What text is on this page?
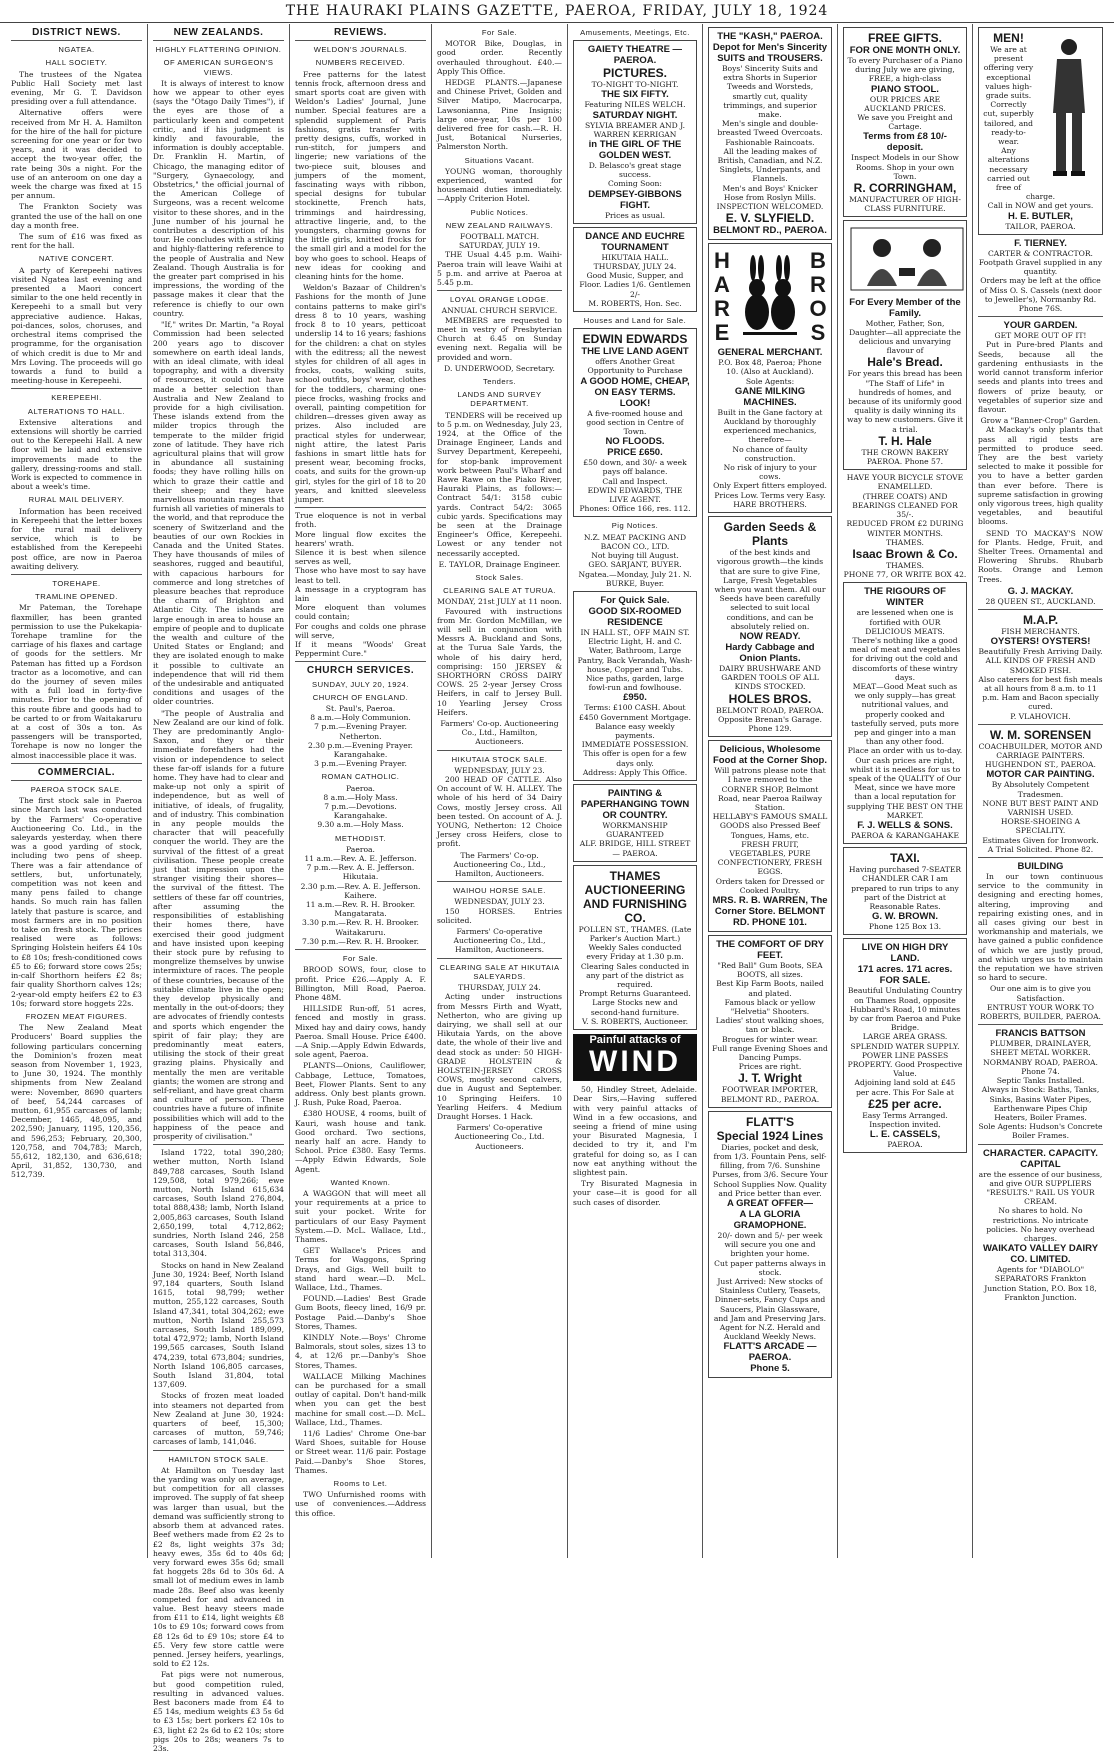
THE HAURAKI PLAINS GAZETTE, PAEROA, FRIDAY, JULY 18, 1924
DISTRICT NEWS.
NGATEA.
HALL SOCIETY.

The trustees of the Ngatea Public Hall Society met last evening, Mr G. T. Davidson presiding over a full attendance.

Alternative offers were received from Mr H. A. Hamilton for the hire of the hall for picture screening for one year or for two years, and it was decided to accept the two-year offer, the rate being 30s a night. For the use of an anteroom on one day a week the charge was fixed at 15 per annum.

The Frankton Society was granted the use of the hall on one day a month free.

The sum of £16 was fixed as rent for the hall.

NATIVE CONCERT.

A party of Kerepeehi natives visited Ngatea last evening and presented a Maori concert similar to the one held recently in Kerepeehi to a small but very appreciative audience. Hakas, poi-dances, solos, choruses, and orchestral items comprised the programme, for the organisation of which credit is due to Mr and Mrs Loving. The proceeds will go towards a fund to build a meeting-house in Kerepeehi.

KEREPEEHI.
ALTERATIONS TO HALL.

Extensive alterations and extensions will shortly be carried out to the Kerepeehi Hall. A new floor will be laid and extensive improvements made to the gallery, dressing-rooms and stall. Work is expected to commence in about a week's time.

RURAL MAIL DELIVERY.

Information has been received in Kerepeehi that the letter boxes for the rural mail delivery service, which is to be established from the Kerepeehi post office, are now in Paeroa awaiting delivery.

TOREHAPE.
TRAMLINE OPENED.

Mr Pateman, the Torehape flaxmiller, has been granted permission to use the Pukekapia-Torehape tramline for the carriage of his flaxes and cartage of goods for the settlers. Mr Pateman has fitted up a Fordson tractor as a locomotive, and can do the journey of seven miles with a full load in forty-five minutes. Prior to the opening of this route fibre and goods had to be carted to or from Waitakaruru at a cost of 30s a ton. As passengers will be transported, Torehape is now no longer the almost inaccessible place it was.

COMMERCIAL.
PAEROA STOCK SALE.

The first stock sale in Paeroa since March last was conducted by the Farmers' Co-operative Auctioneering Co. Ltd., in the saleyards yesterday, when there was a good yarding of stock, including two pens of sheep. There was a fair attendance of settlers, but, unfortunately, competition was not keen and many pens failed to change hands. So much rain has fallen lately that pasture is scarce, and most farmers are in no position to take on fresh stock. The prices realised were as follows: Springing Holstein heifers £4 10s to £8 10s; fresh-conditioned cows £5 to £6; forward store cows 25s; in-calf Shorthorn heifers £2 8s; fair quality Shorthorn calves 12s; 2-year-old empty heifers £2 to £3 10s; forward store hoggets 22s.

FROZEN MEAT FIGURES.

The New Zealand Meat Producers' Board supplies the following particulars concerning the Dominion's frozen meat season from November 1, 1923, to June 30, 1924. The monthly shipments from New Zealand were: November, 8690 quarters of beef, 54,244 carcases of mutton, 61,955 carcases of lamb; December, 1465, 48,095, and 202,590; January, 1195, 120,356, and 596,253; February, 20,300, 120,758, and 704,783; March, 55,612, 182,130, and 636,618; April, 31,852, 130,730, and 512,739.

NEW ZEALANDS.
HIGHLY FLATTERING OPINION.
OF AMERICAN SURGEON'S VIEWS.

It is always of interest to know how we appear to other eyes (says the "Otago Daily Times"), if the eyes are those of a particularly keen and competent critic, and if his judgment is kindly and favourable, the information is doubly acceptable. Dr. Franklin H. Martin, of Chicago, the managing editor of "Surgery, Gynaecology, and Obstetrics," the official journal of the American College of Surgeons, was a recent welcome visitor to these shores, and in the June number of his journal he contributes a description of his tour. He concludes with a striking and highly-flattering reference to the people of Australia and New Zealand. Though Australia is for the greater part comprised in his impressions, the wording of the passage makes it clear that the reference is chiefly to our own country.

"If," writes Dr. Martin, "a Royal Commission had been selected 200 years ago to discover somewhere on earth ideal lands, with an ideal climate, with ideal topography, and with a diversity of resources, it could not have made a better selection than Australia and New Zealand to provide for a high civilisation. These islands extend from the milder tropics through the temperate to the milder frigid zone of latitude. They have rich agricultural plains that will grow in abundance all sustaining foods; they have rolling hills on which to graze their cattle and their sheep; and they have marvellous mountain ranges that furnish all varieties of minerals to the world, and that reproduce the scenery of Switzerland and the beauties of our own Rockies in Canada and the United States. They have thousands of miles of seashores, rugged and beautiful, with capacious harbours for commerce and long stretches of pleasure beaches that reproduce the charm of Brighton and Atlantic City. The islands are large enough in area to house an empire of people and to duplicate the wealth and culture of the United States or England; and they are isolated enough to make it possible to cultivate an independence that will rid them of the undesirable and antiquated conditions and usages of the older countries.

"The people of Australia and New Zealand are our kind of folk. They are predominantly Anglo-Saxon, and they or their immediate forefathers had the vision or independence to select these far-off islands for a future home. They have had to clear and make-up not only a spirit of independence, but as well of initiative, of ideals, of frugality, and of industry. This combination in any people moulds the character that will peacefully conquer the world. They are the survival of the fittest of a great civilisation. These people create just that impression upon the stranger visiting their shores—the survival of the fittest. The settlers of these far off countries, after assuming the responsibilities of establishing their homes there, have exercised their good judgment and have insisted upon keeping their stock pure by refusing to mongrelize themselves by unwise intermixture of races. The people of these countries, because of the suitable climate live in the open; they develop physically and mentally in the out-of-doors; they are advocates of friendly contests and sports which engender the spirit of fair play; they are predominantly meat eaters, utilising the stock of their great grazing plains. Physically and mentally the men are veritable giants; the women are strong and self-reliant, and have great charm and culture of person. These countries have a future of infinite possibilities which will add to the happiness of the peace and prosperity of civilisation."

Island 1722, total 390,280; wether mutton, North Island 849,788 carcases, South Island 129,508, total 979,266; ewe mutton, North Island 615,634 carcases, South Island 276,804, total 888,438; lamb, North Island 2,005,863 carcases, South Island 2,650,199, total 4,712,862; sundries, North Island 246, 258 carcases, South Island 56,846, total 313,304.

Stocks on hand in New Zealand June 30, 1924: Beef, North Island 97,184 quarters, South Island 1615, total 98,799; wether mutton, 255,122 carcases, South Island 47,341, total 304,262; ewe mutton, North Island 255,573 carcases, South Island 189,099, total 472,972; lamb, North Island 199,565 carcases, South Island 474,239, total 673,804; sundries, North Island 106,805 carcases, South Island 31,804, total 137,609.

Stocks of frozen meat loaded into steamers not departed from New Zealand at June 30, 1924: quarters of beef, 15,300; carcases of mutton, 59,746; carcases of lamb, 141,046.

HAMILTON STOCK SALE.

At Hamilton on Tuesday last the yarding was only on average, but competition for all classes improved. The supply of fat sheep was larger than usual, but the demand was sufficiently strong to absorb them at advanced rates. Beef wethers made from £2 2s to £2 8s, light weights 37s 3d; heavy ewes, 35s 6d to 40s 6d; very forward ewes 35s 6d; small fat hoggets 28s 6d to 30s 6d. A small lot of medium ewes in lamb made 28s. Beef also was keenly competed for and advanced in value. Best heavy steers made from £11 to £14, light weights £8 10s to £9 10s; forward cows from £8 12s 6d to £9 10s; store £4 to £5. Very few store cattle were penned. Jersey heifers, yearlings, sold to £2 12s.

Fat pigs were not numerous, but good competition ruled, resulting in advanced values. Best baconers made from £4 to £5 14s, medium weights £3 5s 6d to £3 15s; bert porkers £2 10s to £3, light £2 2s 6d to £2 10s; store pigs 20s to 28s; weaners 7s to 23s.

REVIEWS.
WELDON'S JOURNALS.
NUMBERS RECEIVED.

Free patterns for the latest tennis frock, afternoon dress and smart sports coat are given with Weldon's Ladies' Journal, June number. Special features are a splendid supplement of Paris fashions, gratis transfer with pretty designs, cuffs, worked in run-stitch, for jumpers and lingerie; new variations of the two-piece suit, blouses and jumpers of the moment, fascinating ways with ribbon, special designs for tubular stockinette, French hats, trimmings and hairdressing, attractive lingerie, and, to the youngsters, charming gowns for the little girls, knitted frocks for the small girl and a model for the boy who goes to school. Heaps of new ideas for cooking and cleaning hints for the home.

Weldon's Bazaar of Children's Fashions for the month of June contains patterns to make girl's dress 8 to 10 years, washing frock 8 to 10 years, petticoat underslip 14 to 16 years; fashions for the children: a chat on styles with the editress; all the newest styles for children of all ages in frocks, coats, walking suits, school outfits, boys' wear, clothes for the toddlers, charming one-piece frocks, washing frocks and overall, painting competition for children—dresses given away as prizes. Also included are practical styles for underwear, night attire, the latest Paris fashions in smart little hats for present wear, becoming frocks, coats, and suits for the grown-up girl, styles for the girl of 18 to 20 years, and knitted sleeveless jumper.

True eloquence is not in verbal froth.
More lingual flow excites the hearers' wrath.
Silence it is best when silence serves as well,
Those who have most to say have least to tell.
A message in a cryptogram has lain
More eloquent than volumes could contain;
For coughs and colds one phrase will serve,
If it means "Woods' Great Peppermint Cure."
CHURCH SERVICES.
SUNDAY, JULY 20, 1924.
CHURCH OF ENGLAND.
St. Paul's, Paeroa.
8 a.m.—Holy Communion.
7 p.m.—Evening Prayer.
Netherton.
2.30 p.m.—Evening Prayer.
Karangahake.
3 p.m.—Evening Prayer.
ROMAN CATHOLIC.
Paeroa.
8 a.m.—Holy Mass.
7 p.m.—Devotions.
Karangahake.
9.30 a.m.—Holy Mass.
METHODIST.
Paeroa.
11 a.m.—Rev. A. E. Jefferson.
7 p.m.—Rev. A. E. Jefferson.
Hikutaia.
2.30 p.m.—Rev. A. E. Jefferson.
Kaihere.
11 a.m.—Rev. R. H. Brooker.
Mangatarata.
3.30 p.m.—Rev. R. H. Brooker.
Waitakaruru.
7.30 p.m.—Rev. R. H. Brooker.
For Sale.

BROOD SOWS, four, close to profit. Price £26.—Apply A. F. Billington, Mill Road, Paeroa. Phone 48M.

HILLSIDE Run-off, 51 acres, fenced and mostly in grass. Mixed hay and dairy cows, handy Paeroa. Small House. Price £400.—A Snip.—Apply Edwin Edwards, sole agent, Paeroa.

PLANTS—Onions, Cauliflower, Cabbage, Lettuce, Tomatoes, Beet, Flower Plants. Sent to any address. Only best plants grown. J. Rush, Puke Road, Paeroa.

£380 HOUSE, 4 rooms, built of Kauri, wash house and tank. Good orchard. Two sections, nearly half an acre. Handy to School. Price £380. Easy Terms.—Apply Edwin Edwards, Sole Agent.

Wanted Known.

A WAGGON that will meet all your requirements at a price to suit your pocket. Write for particulars of our Easy Payment System.—D. McL. Wallace, Ltd., Thames.

GET Wallace's Prices and Terms for Waggons, Spring Drays, and Gigs. Well built to stand hard wear.—D. McL. Wallace, Ltd., Thames.

FOUND.—Ladies' Best Grade Gum Boots, fleecy lined, 16/9 pr. Postage Paid.—Danby's Shoe Stores, Thames.

KINDLY Note.—Boys' Chrome Balmorals, stout soles, sizes 13 to 4, at 12/6 pr.—Danby's Shoe Stores, Thames.

WALLACE Milking Machines can be purchased for a small outlay of capital. Don't hand-milk when you can get the best machine for small cost.—D. McL. Wallace, Ltd., Thames.

11/6 Ladies' Chrome One-bar Ward Shoes, suitable for House or Street wear. 11/6 pair. Postage Paid.—Danby's Shoe Stores, Thames.

Rooms to Let.

TWO Unfurnished rooms with use of conveniences.—Address this office.

For Sale.

MOTOR Bike, Douglas, in good order. Recently overhauled throughout. £40.—Apply This Office.

HEDGE PLANTS.—Japanese and Chinese Privet, Golden and Silver Matipo, Macrocarpa, Lawsonianna, Pine Insignis; large one-year, 10s per 100 delivered free for cash.—R. H. Just, Botanical Nurseries, Palmerston North.

Situations Vacant.

YOUNG woman, thoroughly experienced, wanted for housemaid duties immediately.—Apply Criterion Hotel.

Public Notices.
NEW ZEALAND RAILWAYS.
FOOTBALL MATCH.
SATURDAY, JULY 19.

THE Usual 4.45 p.m. Waihi-Paeroa train will leave Waihi at 5 p.m. and arrive at Paeroa at 5.45 p.m.

LOYAL ORANGE LODGE.
ANNUAL CHURCH SERVICE.

MEMBERS are requested to meet in vestry of Presbyterian Church at 6.45 on Sunday evening next. Regalia will be provided and worn.

D. UNDERWOOD, Secretary.
Tenders.
LANDS AND SURVEY DEPARTMENT.

TENDERS will be received up to 5 p.m. on Wednesday, July 23, 1924, at the Office of the Drainage Engineer, Lands and Survey Department, Kerepeehi, for stop-bank improvement work between Paul's Wharf and Rawe Rawe on the Piako River, Hauraki Plains, as follows:— Contract 54/1: 3158 cubic yards. Contract 54/2: 3065 cubic yards. Specifications may be seen at the Drainage Engineer's Office, Kerepeehi. Lowest or any tender not necessarily accepted.

E. TAYLOR, Drainage Engineer.
Stock Sales.
CLEARING SALE AT TURUA.
MONDAY, 21st JULY at 11 noon.

Favoured with instructions from Mr. Gordon McMillan, we will sell in conjunction with Messrs A. Buckland and Sons, at the Turua Sale Yards, the whole of his dairy herd, comprising: 150 JERSEY & SHORTHORN CROSS DAIRY COWS. 25 2-year Jersey Cross Heifers, in calf to Jersey Bull. 10 Yearling Jersey Cross Heifers.

Farmers' Co-op. Auctioneering Co., Ltd., Hamilton, Auctioneers.
HIKUTAIA STOCK SALE.
WEDNESDAY, JULY 23.

200 HEAD OF CATTLE. Also On account of W. H. ALLEY. The whole of his herd of 34 Dairy Cows, mostly Jersey cross. All been tested. On account of A. J. YOUNG, Netherton: 12 Choice Jersey cross Heifers, close to profit.

The Farmers' Co-op. Auctioneering Co., Ltd., Hamilton, Auctioneers.
WAIHOU HORSE SALE.
WEDNESDAY, JULY 23.

150 HORSES. Entries solicited.

Farmers' Co-operative Auctioneering Co., Ltd., Hamilton, Auctioneers.
CLEARING SALE AT HIKUTAIA SALEYARDS.
THURSDAY, JULY 24.

Acting under instructions from Messrs Firth and Wyatt, Netherton, who are giving up dairying, we shall sell at our Hikutaia Yards, on the above date, the whole of their live and dead stock as under: 50 HIGH-GRADE HOLSTEIN & HOLSTEIN-JERSEY CROSS COWS, mostly second calvers, due in August and September. 10 Springing Heifers. 10 Yearling Heifers. 4 Medium Draught Horses. 1 Hack.

Farmers' Co-operative Auctioneering Co., Ltd. Auctioneers.
Amusements, Meetings, Etc.
GAIETY THEATRE — PAEROA.
PICTURES.
TO-NIGHT TO-NIGHT.
THE SIX FIFTY.
Featuring NILES WELCH.
SATURDAY NIGHT.
SYLVIA BREAMER AND J. WARREN KERRIGAN
in THE GIRL OF THE GOLDEN WEST.
D. Belasco's great stage success.
Coming Soon:
DEMPSEY-GIBBONS FIGHT.
Prices as usual.
DANCE AND EUCHRE TOURNAMENT
HIKUTAIA HALL.
THURSDAY, JULY 24.
Good Music, Supper, and Floor. Ladies 1/6. Gentlemen 2/-
M. ROBERTS, Hon. Sec.
Houses and Land for Sale.
EDWIN EDWARDS
THE LIVE LAND AGENT
offers Another Great Opportunity to Purchase
A GOOD HOME, CHEAP, ON EASY TERMS.
LOOK!
A five-roomed house and good section in Centre of Town.
NO FLOODS.
PRICE £650.
£50 down, and 30/- a week pays off balance.
Call and Inspect.
EDWIN EDWARDS, THE LIVE AGENT.
Phones: Office 166, res. 112.
Pig Notices.
N.Z. MEAT PACKING AND BACON CO., LTD.
Not buying till August.
GEO. SARJANT, BUYER.
Ngatea.—Monday, July 21. N. BURKE, Buyer.
For Quick Sale.
GOOD SIX-ROOMED RESIDENCE
IN HALL ST., OFF MAIN ST.
Electric Light, H. and C. Water, Bathroom, Large Pantry, Back Verandah, Wash-house, Copper and Tubs. Nice paths, garden, large fowl-run and fowlhouse.
£950.
Terms: £100 CASH. About £450 Government Mortgage. Balance easy weekly payments.
IMMEDIATE POSSESSION.
This offer is open for a few days only.
Address: Apply This Office.
PAINTING & PAPERHANGING TOWN OR COUNTRY.
WORKMANSHIP GUARANTEED
ALF. BRIDGE, HILL STREET — PAEROA.
THAMES AUCTIONEERING AND FURNISHING CO.
POLLEN ST., THAMES. (Late Parker's Auction Mart.)
Weekly Sales conducted every Friday at 1.30 p.m.
Clearing Sales conducted in any part of the district as required.
Prompt Returns Guaranteed.
Large Stocks new and second-hand furniture.
V. S. ROBERTS, Auctioneer.
Painful attacks of
WIND

50, Hindley Street, Adelaide. Dear Sirs,—Having suffered with very painful attacks of Wind in a few occasions, and seeing a friend of mine using your Bisurated Magnesia, I decided to try it, and I'm grateful for doing so, as I can now eat anything without the slightest pain.

Try Bisurated Magnesia in your case—it is good for all such cases of disorder.

THE "KASH," PAEROA.
Depot for Men's Sincerity SUITS and TROUSERS.
Boys' Sincerity Suits and extra Shorts in Superior Tweeds and Worsteds, smartly cut, quality trimmings, and superior make.
Men's single and double-breasted Tweed Overcoats. Fashionable Raincoats.
All the leading makes of British, Canadian, and N.Z. Singlets, Underpants, and Flannels.
Men's and Boys' Knicker Hose from Roslyn Mills.
INSPECTION WELCOMED.
E. V. SLYFIELD.
BELMONT RD., PAEROA.
HARE
BROS
GENERAL MERCHANT.
P.O. Box 48, Paeroa; Phone 10. (Also at Auckland).
Sole Agents:
GANE MILKING MACHINES.
Built in the Gane factory at Auckland by thoroughly experienced mechanics, therefore—
No chance of faulty construction.
No risk of injury to your cows.
Only Expert fitters employed.
Prices Low. Terms very Easy.
HARE BROTHERS.
Garden Seeds & Plants
of the best kinds and vigorous growth—the kinds that are sure to give Fine, Large, Fresh Vegetables when you want them. All our Seeds have been carefully selected to suit local conditions, and can be absolutely relied on.
NOW READY.
Hardy Cabbage and Onion Plants.
DAIRY BRUSHWARE AND GARDEN TOOLS OF ALL KINDS STOCKED.
HOLES BROS.
BELMONT ROAD, PAEROA. Opposite Brenan's Garage. Phone 129.
Delicious, Wholesome Food at the Corner Shop.
Will patrons please note that I have removed to the CORNER SHOP, Belmont Road, near Paeroa Railway Station.
HELLABY'S FAMOUS SMALL GOODS also Pressed Beef Tongues, Hams, etc.
FRESH FRUIT, VEGETABLES, PURE CONFECTIONERY, FRESH EGGS.
Orders taken for Dressed or Cooked Poultry.
MRS. R. B. WARREN, The Corner Store. BELMONT RD. PHONE 101.
THE COMFORT OF DRY FEET.
"Red Ball" Gum Boots, SEA BOOTS, all sizes.
Best Kip Farm Boots, nailed and plated.
Famous black or yellow "Helvetia" Shooters.
Ladies' stout walking shoes, tan or black.
Brogues for winter wear.
Full range Evening Shoes and Dancing Pumps.
Prices are right.
J. T. Wright
FOOTWEAR IMPORTER, BELMONT RD., PAEROA.
FLATT'S
Special 1924 Lines
Diaries, pocket and desk, from 1/3. Fountain Pens, self-filling, from 7/6. Sunshine Purses, from 3/6. Secure Your School Supplies Now. Quality and Price better than ever.
A GREAT OFFER—
A LA GLORIA GRAMOPHONE.
20/- down and 5/- per week will secure you one and brighten your home.
Cut paper patterns always in stock.
Just Arrived: New stocks of Stainless Cutlery, Teasets, Dinner-sets, Fancy Cups and Saucers, Plain Glassware, and Jam and Preserving Jars.
Agent for N.Z. Herald and Auckland Weekly News.
FLATT'S ARCADE — PAEROA.
Phone 5.
FREE GIFTS.
FOR ONE MONTH ONLY.
To every Purchaser of a Piano during July we are giving, FREE, a high-class
PIANO STOOL.
OUR PRICES ARE AUCKLAND PRICES.
We save you Freight and Cartage.
Terms from £8 10/- deposit.
Inspect Models in our Show Rooms. Shop in your own Town.
R. CORRINGHAM,
MANUFACTURER OF HIGH-CLASS FURNITURE.
For Every Member of the Family.
Mother, Father, Son, Daughter—all appreciate the delicious and unvarying flavour of
Hale's Bread.
For years this bread has been "The Staff of Life" in hundreds of homes, and because of its uniformly good quality is daily winning its way to new customers. Give it a trial.
T. H. Hale
THE CROWN BAKERY PAEROA. Phone 57.
HAVE YOUR BICYCLE STOVE ENAMELLED.
(THREE COATS) AND BEARINGS CLEANED FOR 35/-.
REDUCED FROM £2 DURING WINTER MONTHS.
THAMES.
Isaac Brown & Co.
THAMES.
PHONE 77, OR WRITE BOX 42.
THE RIGOURS OF WINTER
are lessened when one is fortified with OUR DELICIOUS MEATS.
There's nothing like a good meal of meat and vegetables for driving out the cold and discomforts of these wintry days.
MEAT—Good Meat such as we only supply—has great nutritional values, and properly cooked and tastefully served, puts more pep and ginger into a man than any other food.
Place an order with us to-day. Our cash prices are right, whilst it is needless for us to speak of the QUALITY of Our Meat, since we have more than a local reputation for supplying THE BEST ON THE MARKET.
F. J. WELLS & SONS.
PAEROA & KARANGAHAKE
TAXI.
Having purchased 7-SEATER CHANDLER CAR I am prepared to run trips to any part of the District at Reasonable Rates.
G. W. BROWN.
Phone 125 Box 13.
LIVE ON HIGH DRY LAND.
171 acres. 171 acres.
FOR SALE.
Beautiful Undulating Country on Thames Road, opposite Hubbard's Road, 10 minutes by car from Paeroa and Puke Bridge.
LARGE AREA GRASS. SPLENDID WATER SUPPLY. POWER LINE PASSES PROPERTY. Good Prospective Value.
Adjoining land sold at £45 per acre. This For Sale at
£25 per acre.
Easy Terms Arranged.
Inspection invited.
L. E. CASSELS,
PAEROA.
MEN!
We are at present offering very exceptional values high-grade suits.
Correctly cut, superbly tailored, and ready-to-wear.
Any alterations necessary carried out free of charge.
Call in NOW and get yours.
H. E. BUTLER,
TAILOR, PAEROA.
F. TIERNEY.
CARTER & CONTRACTOR.
Footpath Gravel supplied in any quantity.
Orders may be left at the office of Miss O. S. Cassels (next door to Jeweller's), Normanby Rd. Phone 76S.
YOUR GARDEN.
GET MORE OUT OF IT!

Put in Pure-bred Plants and Seeds, because all the gardening enthusiasts in the world cannot transform inferior seeds and plants into trees and flowers of prize beauty, or vegetables of superior size and flavour.

Grow a "Banner-Crop" Garden.

At Mackay's only plants that pass all rigid tests are permitted to produce seed. They are the best variety selected to make it possible for you to have a better garden than ever before. There is supreme satisfaction in growing only vigorous trees, high quality vegetables, and beautiful blooms.

SEND TO MACKAY'S NOW for Plants. Hedge, Fruit, and Shelter Trees. Ornamental and Flowering Shrubs. Rhubarb Roots. Orange and Lemon Trees.

G. J. MACKAY.
28 QUEEN ST., AUCKLAND.
M.A.P.
FISH MERCHANTS.
OYSTERS! OYSTERS!
Beautifully Fresh Arriving Daily.
ALL KINDS OF FRESH AND SMOKED FISH.
Also caterers for best fish meals at all hours from 8 a.m. to 11 p.m. Ham and Bacon specially cured.
P. VLAHOVICH.
W. M. SORENSEN
COACHBUILDER, MOTOR AND CARRIAGE PAINTERS. HUGHENDON ST., PAEROA.
MOTOR CAR PAINTING.
By Absolutely Competent Tradesmen.
NONE BUT BEST PAINT AND VARNISH USED.
HORSE-SHOEING A SPECIALITY.
Estimates Given for Ironwork.
A Trial Solicited. Phone 82.
BUILDING

In our town continuous service to the community in designing and erecting homes, altering, improving and repairing existing ones, and in all cases giving our best in workmanship and materials, we have gained a public confidence of which we are justly proud, and which urges us to maintain the reputation we have striven so hard to secure.

Our one aim is to give you Satisfaction.
ENTRUST YOUR WORK TO ROBERTS, BUILDER, PAEROA.
FRANCIS BATTSON
PLUMBER, DRAINLAYER, SHEET METAL WORKER.
NORMANBY ROAD, PAEROA. Phone 74.
Septic Tanks Installed.
Always in Stock: Baths, Tanks, Sinks, Basins Water Pipes, Earthenware Pipes Chip Heaters, Boiler Frames.
Sole Agents: Hudson's Concrete Boiler Frames.
CHARACTER. CAPACITY. CAPITAL
are the essence of our business, and give OUR SUPPLIERS "RESULTS." RAIL US YOUR CREAM.
No shares to hold. No restrictions. No intricate policies. No heavy overhead charges.
WAIKATO VALLEY DAIRY CO. LIMITED.
Agents for "DIABOLO" SEPARATORS Frankton Junction Station, P.O. Box 18, Frankton Junction.
